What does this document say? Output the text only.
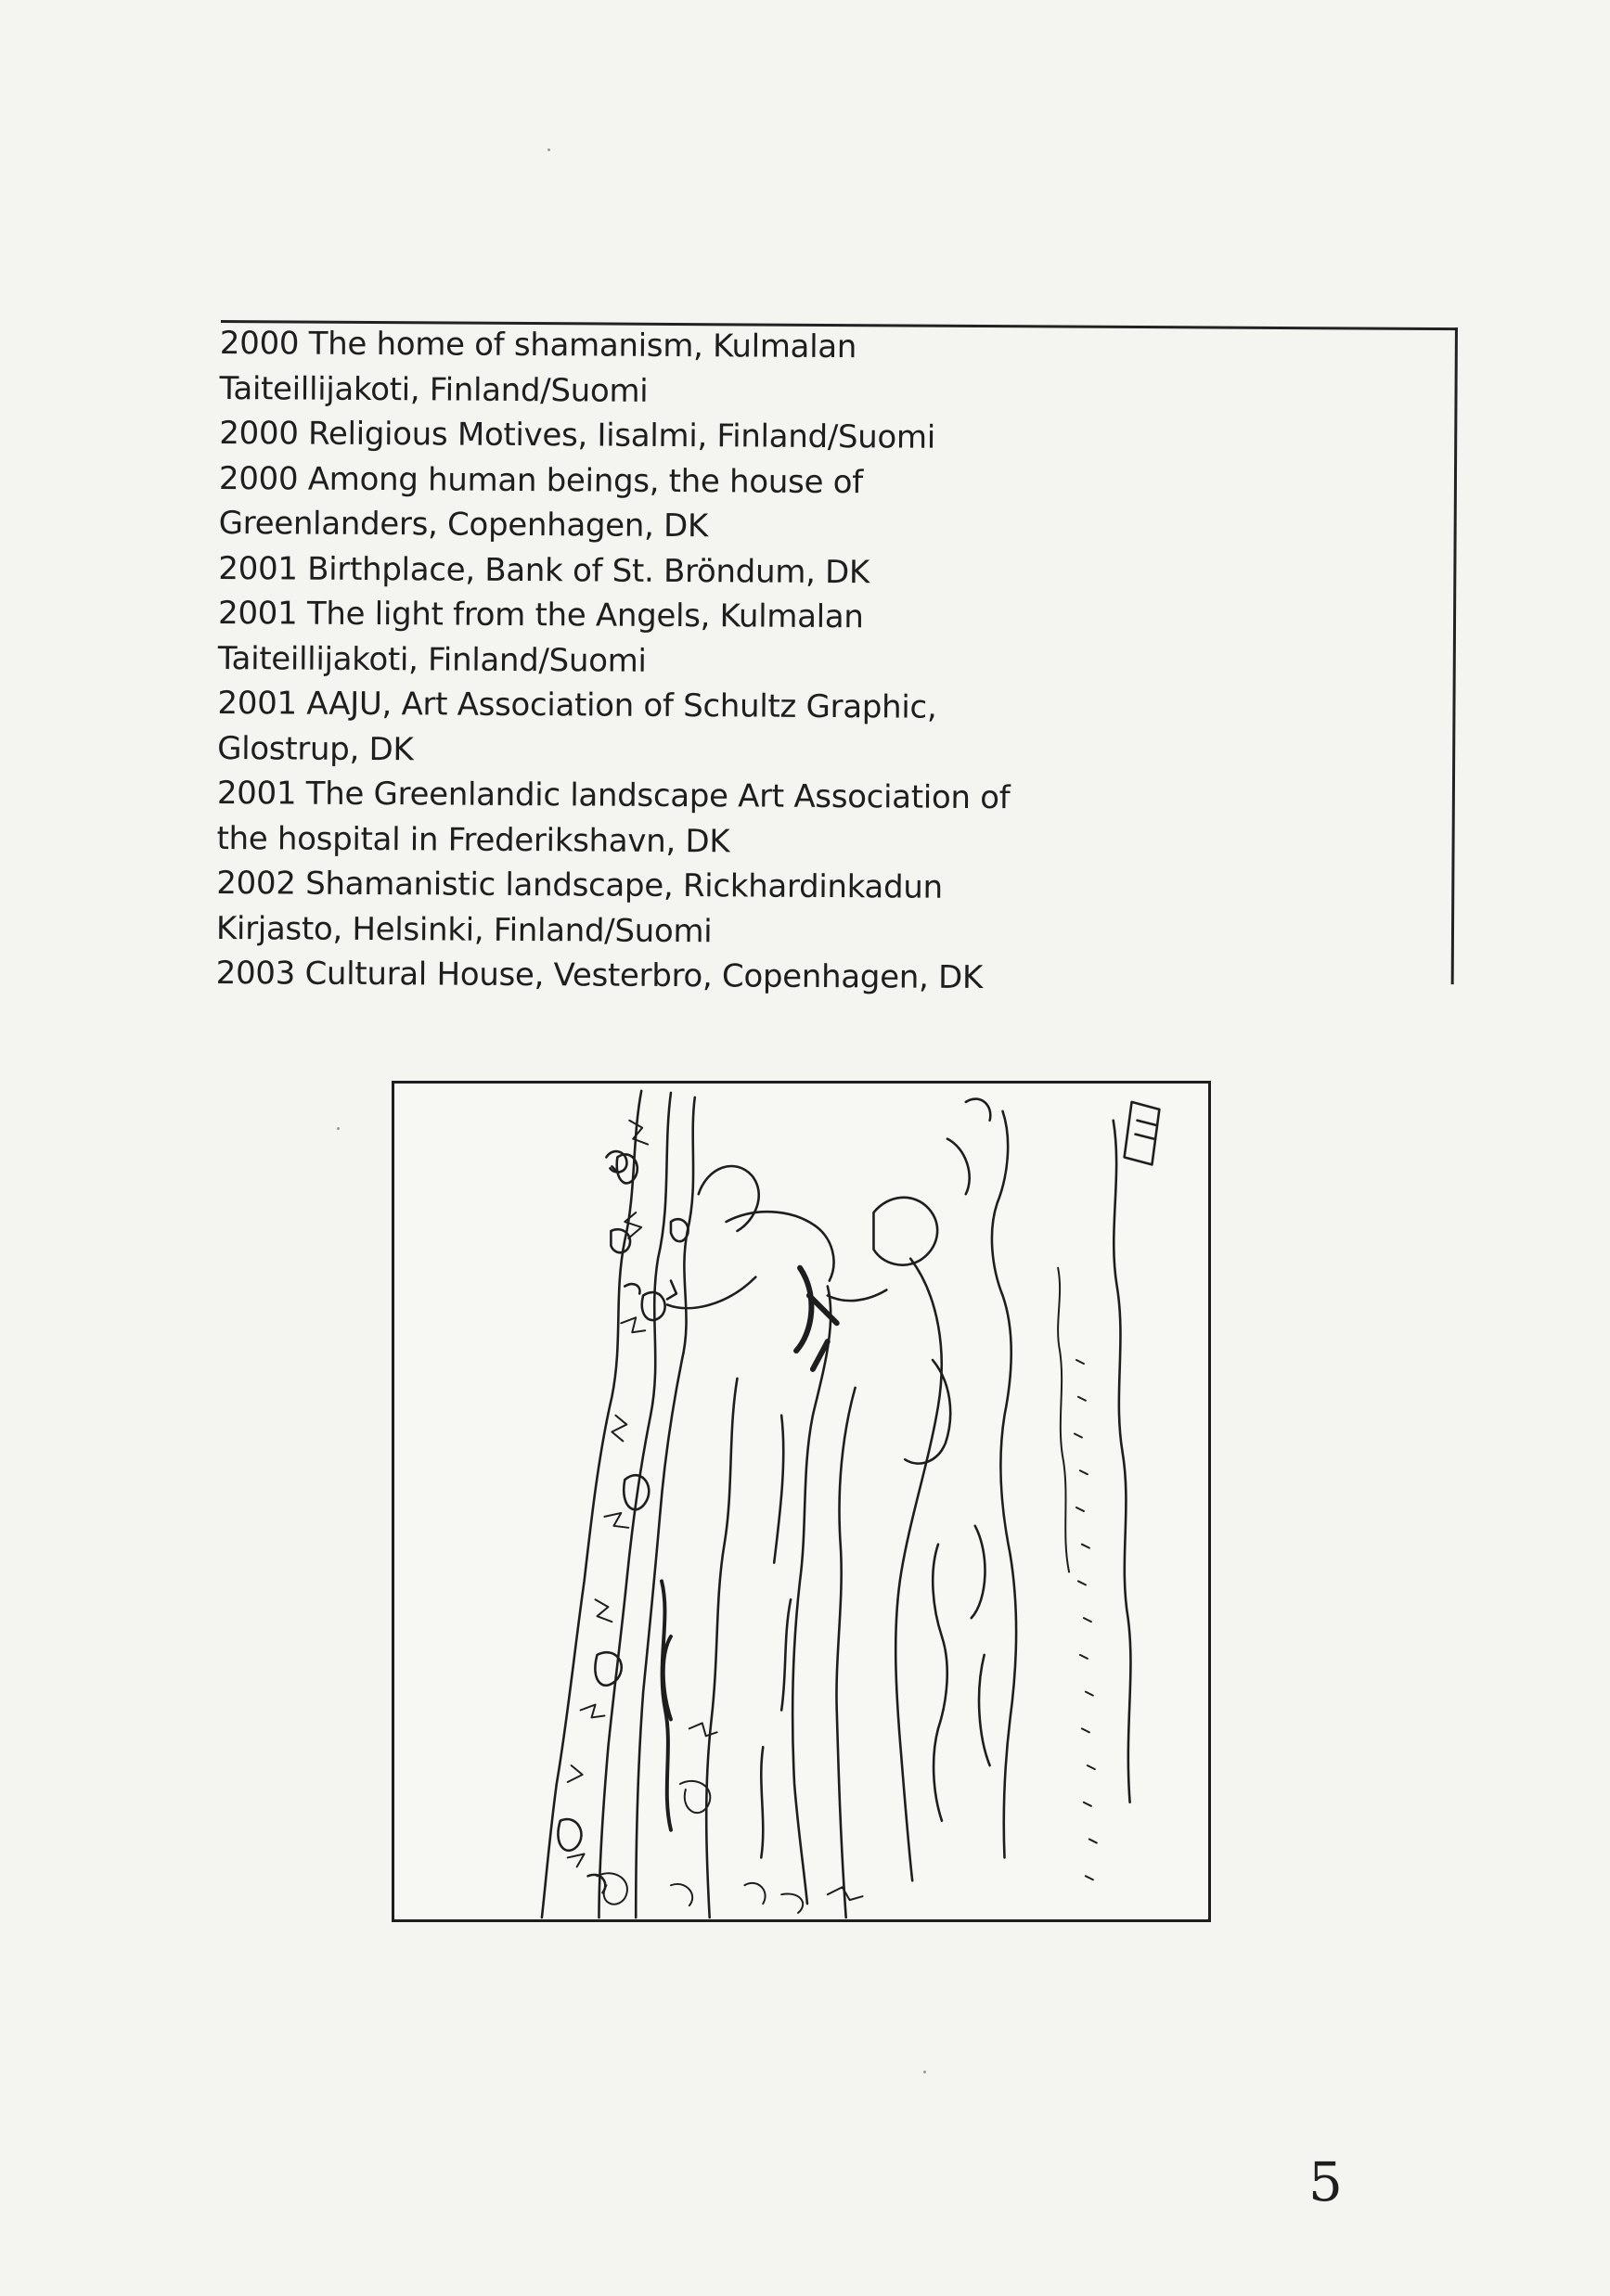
2000 The home of shamanism, Kulmalan
Taiteillijakoti, Finland/Suomi
2000 Religious Motives, Iisalmi, Finland/Suomi
2000 Among human beings, the house of
Greenlanders, Copenhagen, DK
2001 Birthplace, Bank of St. Bröndum, DK
2001 The light from the Angels, Kulmalan
Taiteillijakoti, Finland/Suomi
2001 AAJU, Art Association of Schultz Graphic,
Glostrup, DK
2001 The Greenlandic landscape Art Association of
the hospital in Frederikshavn, DK
2002 Shamanistic landscape, Rickhardinkadun
Kirjasto, Helsinki, Finland/Suomi
2003 Cultural House, Vesterbro, Copenhagen, DK
5
